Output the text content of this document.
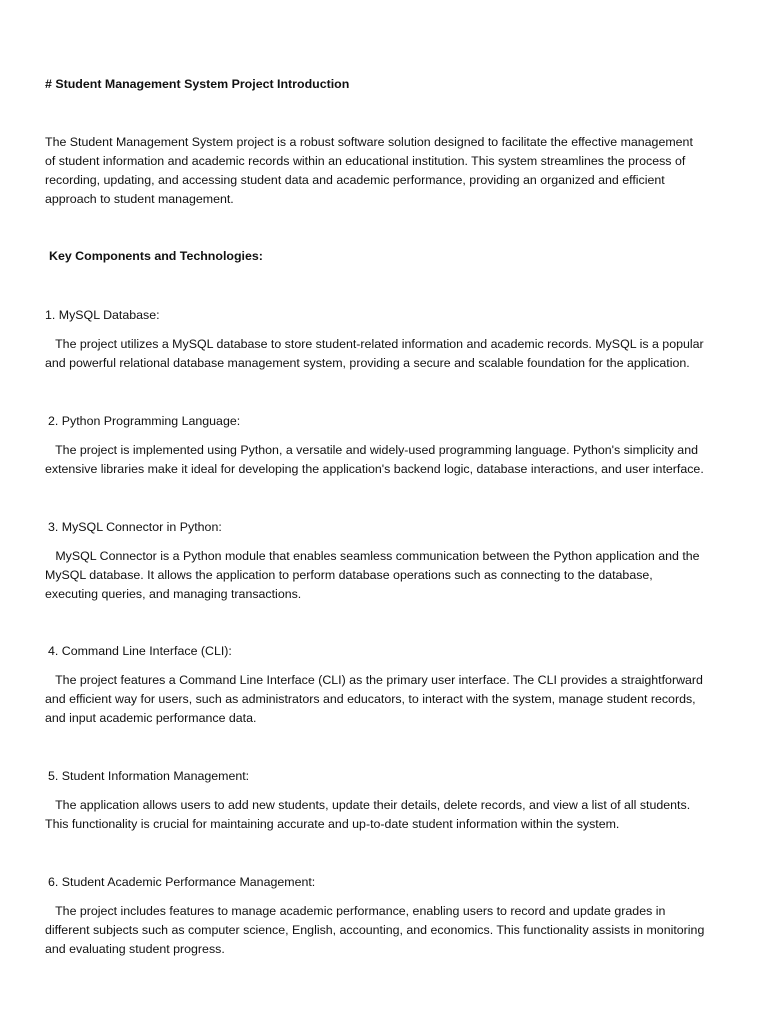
# Student Management System Project Introduction
The Student Management System project is a robust software solution designed to facilitate the effective management
of student information and academic records within an educational institution. This system streamlines the process of
recording, updating, and accessing student data and academic performance, providing an organized and efficient
approach to student management.
Key Components and Technologies:
1. MySQL Database:
The project utilizes a MySQL database to store student-related information and academic records. MySQL is a popular
and powerful relational database management system, providing a secure and scalable foundation for the application.
2. Python Programming Language:
The project is implemented using Python, a versatile and widely-used programming language. Python's simplicity and
extensive libraries make it ideal for developing the application's backend logic, database interactions, and user interface.
3. MySQL Connector in Python:
MySQL Connector is a Python module that enables seamless communication between the Python application and the
MySQL database. It allows the application to perform database operations such as connecting to the database,
executing queries, and managing transactions.
4. Command Line Interface (CLI):
The project features a Command Line Interface (CLI) as the primary user interface. The CLI provides a straightforward
and efficient way for users, such as administrators and educators, to interact with the system, manage student records,
and input academic performance data.
5. Student Information Management:
The application allows users to add new students, update their details, delete records, and view a list of all students.
This functionality is crucial for maintaining accurate and up-to-date student information within the system.
6. Student Academic Performance Management:
The project includes features to manage academic performance, enabling users to record and update grades in
different subjects such as computer science, English, accounting, and economics. This functionality assists in monitoring
and evaluating student progress.
